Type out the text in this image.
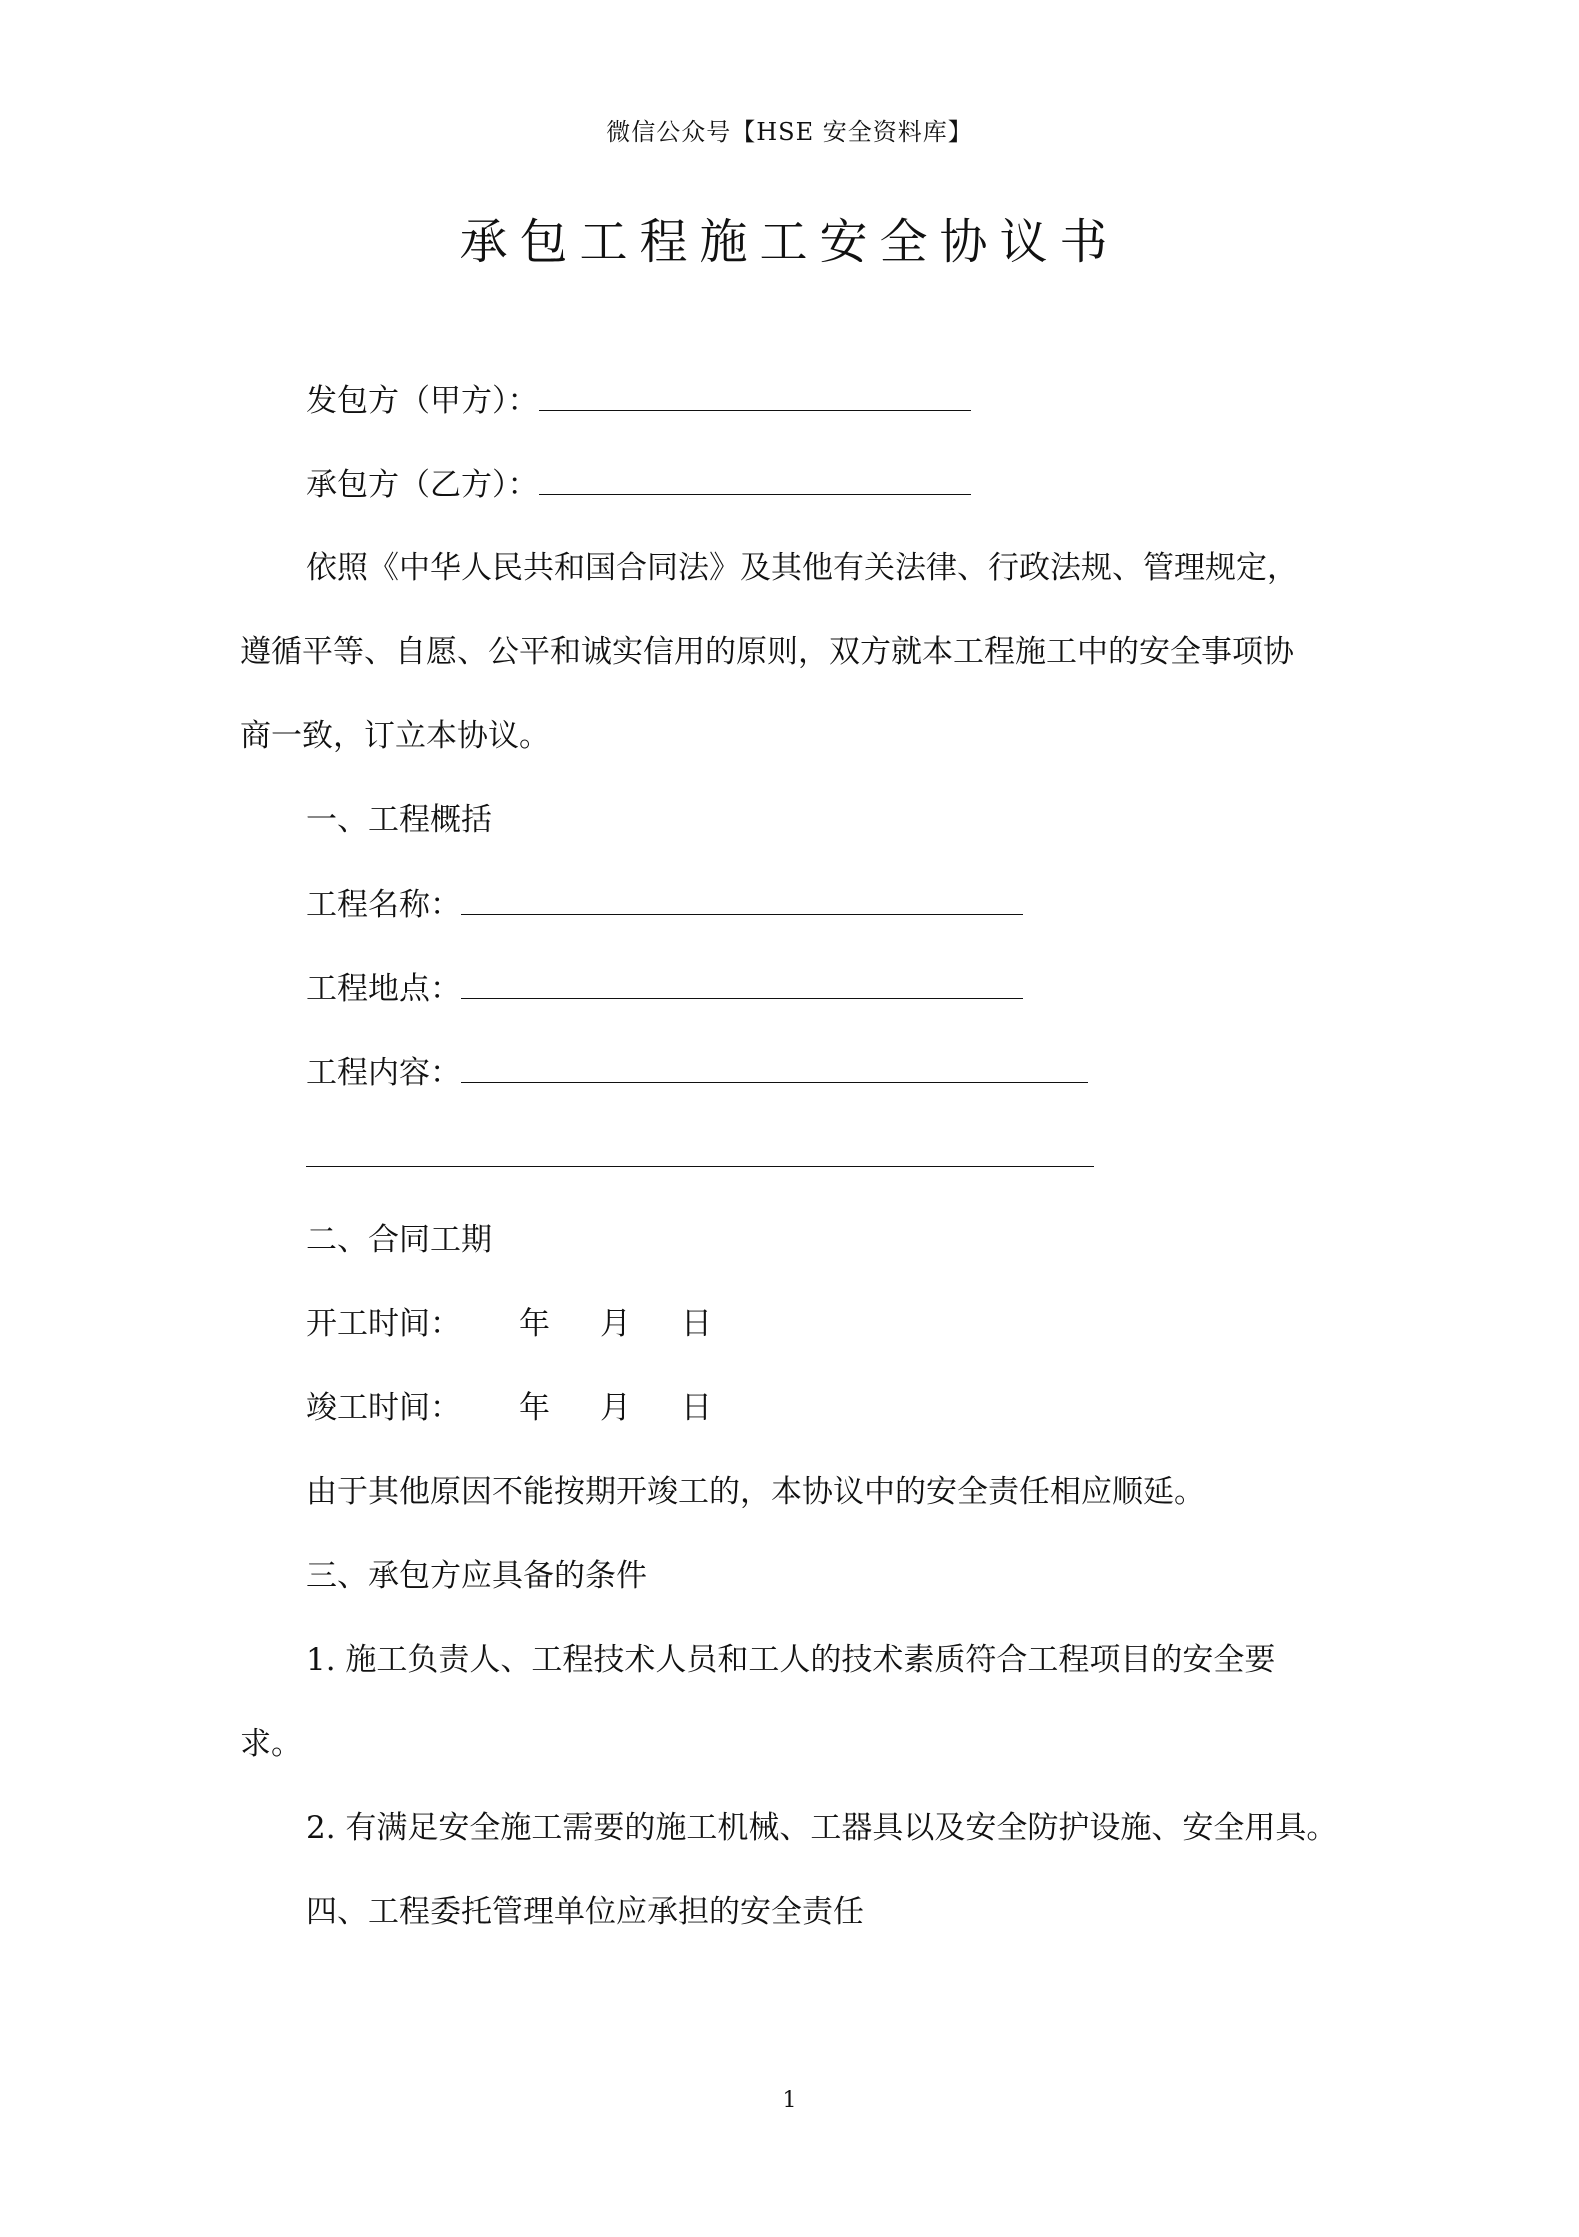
微信公众号【HSE 安全资料库】
承包工程施工安全协议书
发包方（甲方）：
承包方（乙方）：
依照《中华人民共和国合同法》及其他有关法律、行政法规、管理规定，
遵循平等、自愿、公平和诚实信用的原则，双方就本工程施工中的安全事项协
商一致，订立本协议。
一、工程概括
工程名称：
工程地点：
工程内容：
二、合同工期
开工时间： 年 月 日
竣工时间： 年 月 日
由于其他原因不能按期开竣工的，本协议中的安全责任相应顺延。
三、承包方应具备的条件
1. 施工负责人、工程技术人员和工人的技术素质符合工程项目的安全要
求。
2. 有满足安全施工需要的施工机械、工器具以及安全防护设施、安全用具。
四、工程委托管理单位应承担的安全责任
1
